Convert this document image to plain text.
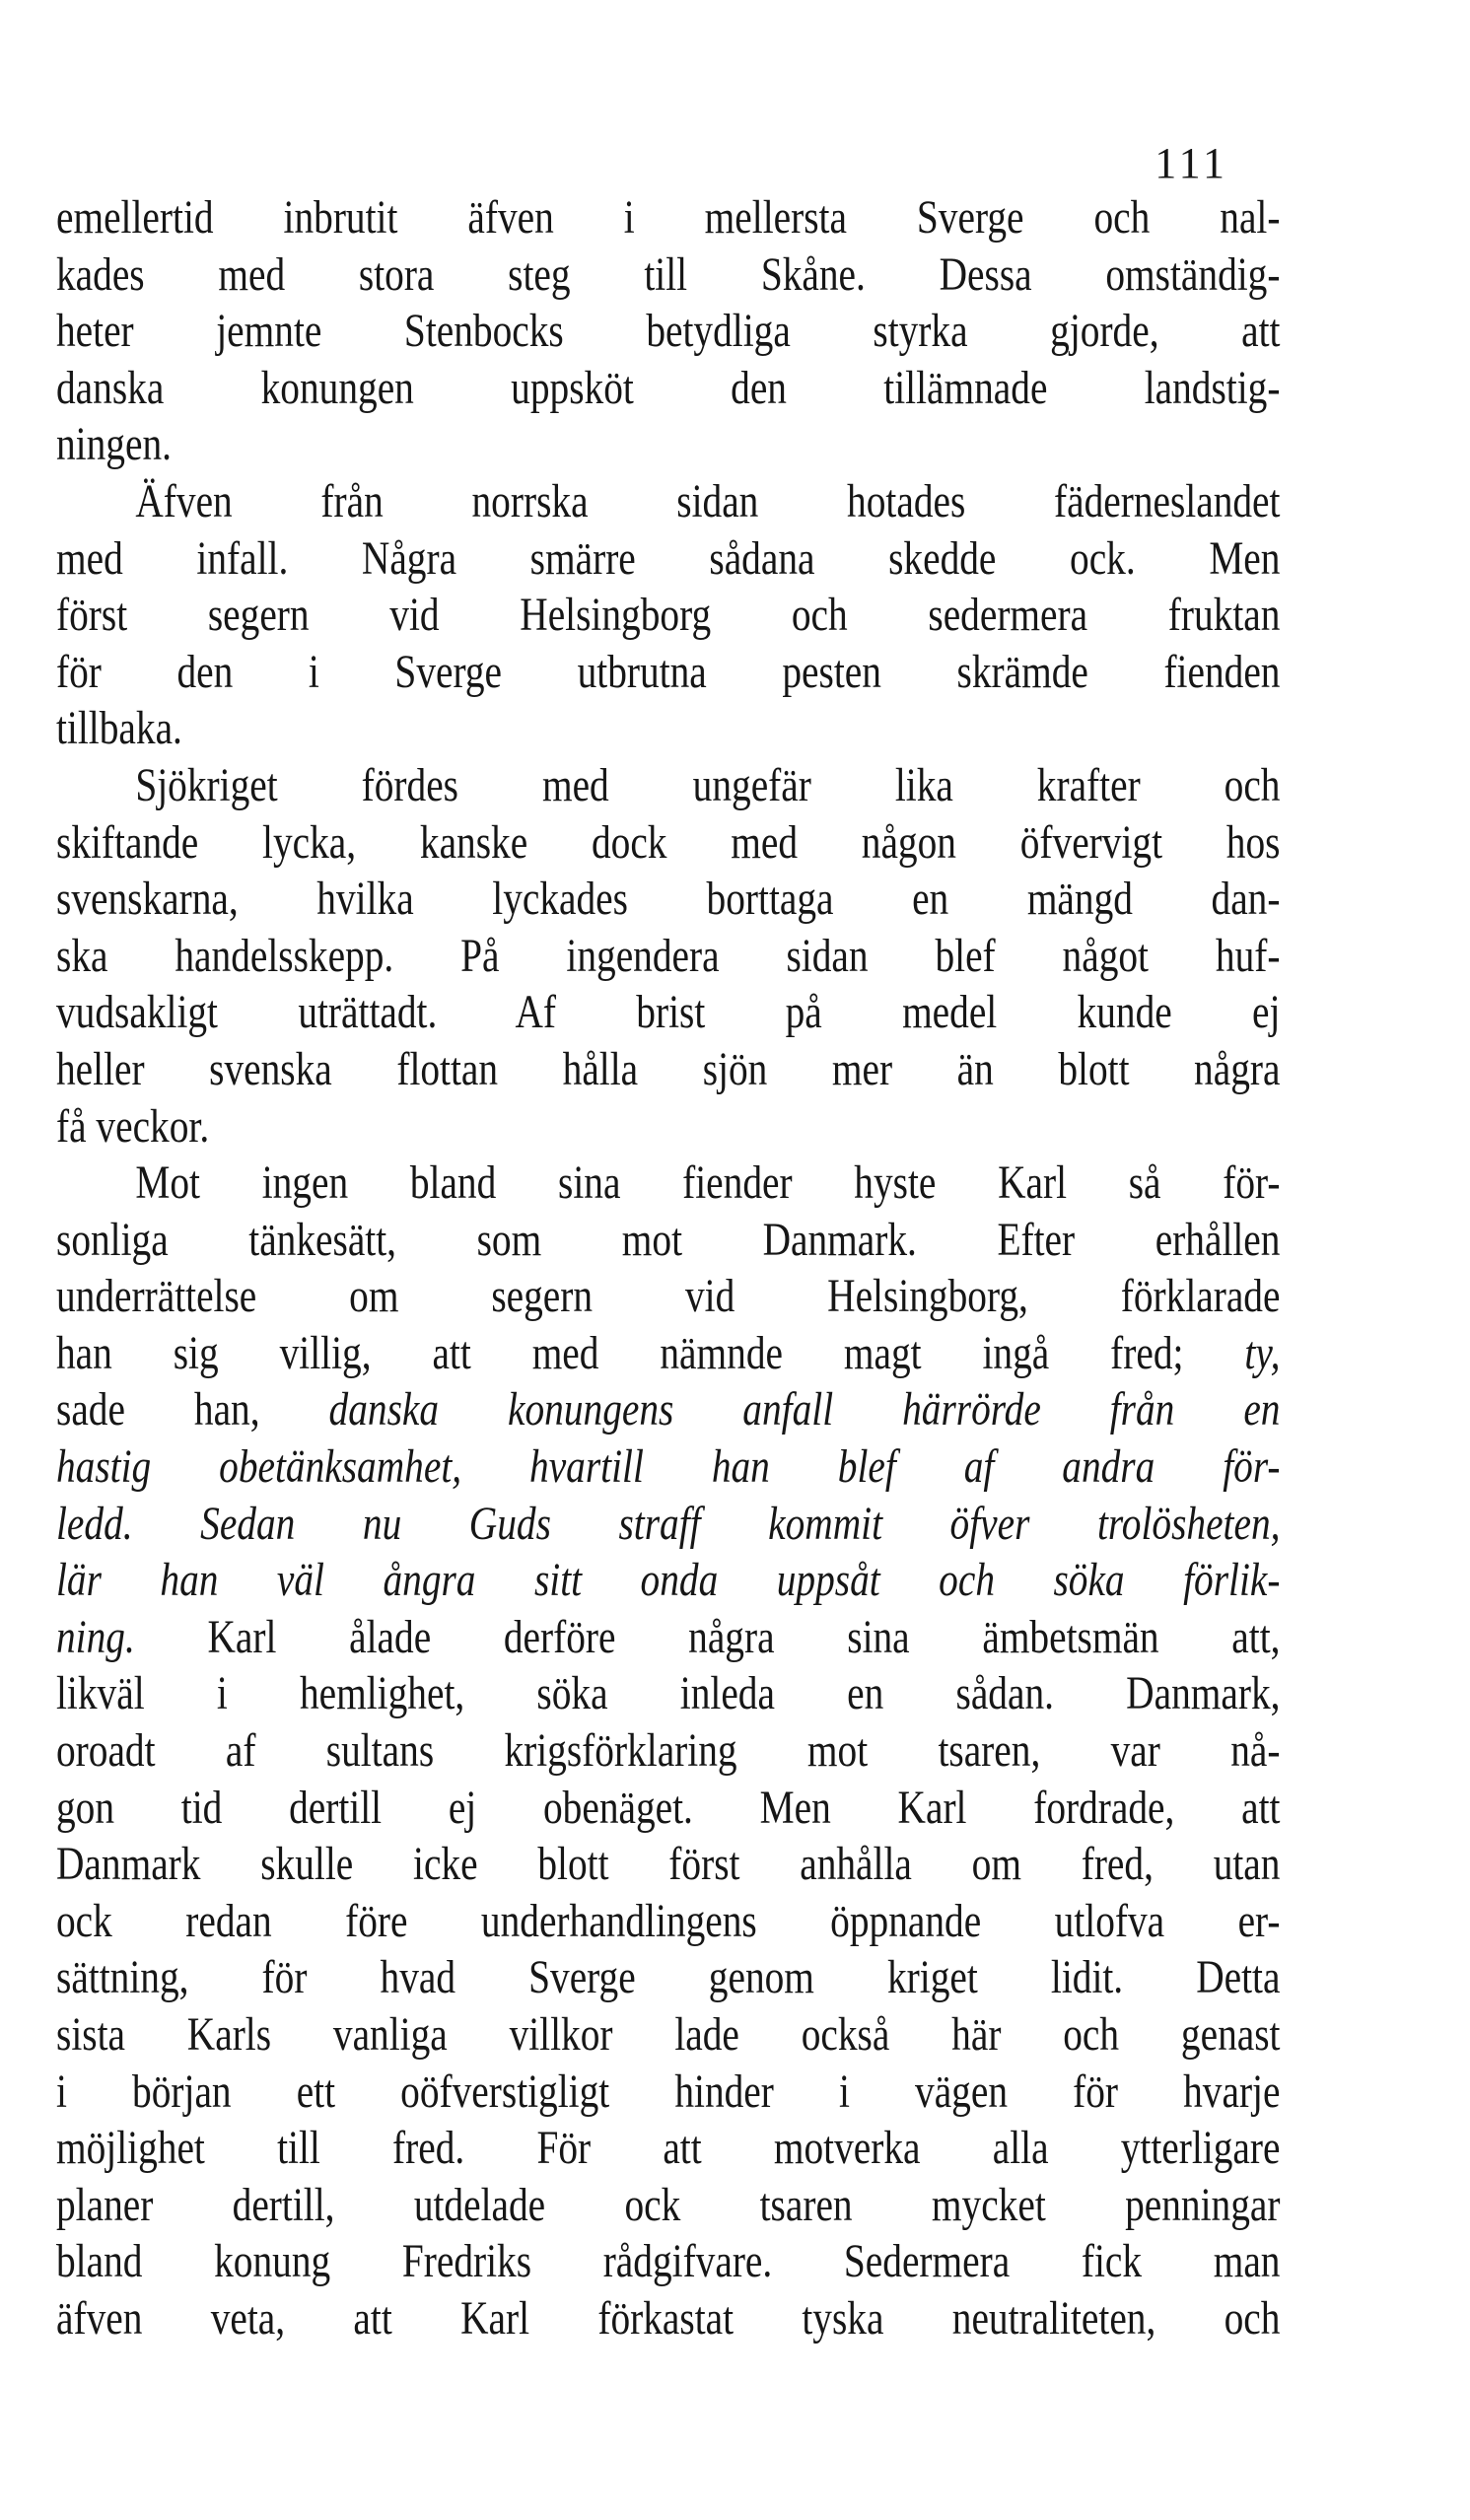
111
emellertid inbrutit äfven i mellersta Sverge och nal-
kades med stora steg till Skåne. Dessa omständig-
heter jemnte Stenbocks betydliga styrka gjorde, att
danska konungen uppsköt den tillämnade landstig-
ningen.
Äfven från norrska sidan hotades fäderneslandet
med infall. Några smärre sådana skedde ock. Men
först segern vid Helsingborg och sedermera fruktan
för den i Sverge utbrutna pesten skrämde fienden
tillbaka.
Sjökriget fördes med ungefär lika krafter och
skiftande lycka, kanske dock med någon öfvervigt hos
svenskarna, hvilka lyckades borttaga en mängd dan-
ska handelsskepp. På ingendera sidan blef något huf-
vudsakligt uträttadt. Af brist på medel kunde ej
heller svenska flottan hålla sjön mer än blott några
få veckor.
Mot ingen bland sina fiender hyste Karl så för-
sonliga tänkesätt, som mot Danmark. Efter erhållen
underrättelse om segern vid Helsingborg, förklarade
han sig villig, att med nämnde magt ingå fred; ty,
sade han, danska konungens anfall härrörde från en
hastig obetänksamhet, hvartill han blef af andra för-
ledd. Sedan nu Guds straff kommit öfver trolösheten,
lär han väl ångra sitt onda uppsåt och söka förlik-
ning. Karl ålade derföre några sina ämbetsmän att,
likväl i hemlighet, söka inleda en sådan. Danmark,
oroadt af sultans krigsförklaring mot tsaren, var nå-
gon tid dertill ej obenäget. Men Karl fordrade, att
Danmark skulle icke blott först anhålla om fred, utan
ock redan före underhandlingens öppnande utlofva er-
sättning, för hvad Sverge genom kriget lidit. Detta
sista Karls vanliga villkor lade också här och genast
i början ett oöfverstigligt hinder i vägen för hvarje
möjlighet till fred. För att motverka alla ytterligare
planer dertill, utdelade ock tsaren mycket penningar
bland konung Fredriks rådgifvare. Sedermera fick man
äfven veta, att Karl förkastat tyska neutraliteten, och
